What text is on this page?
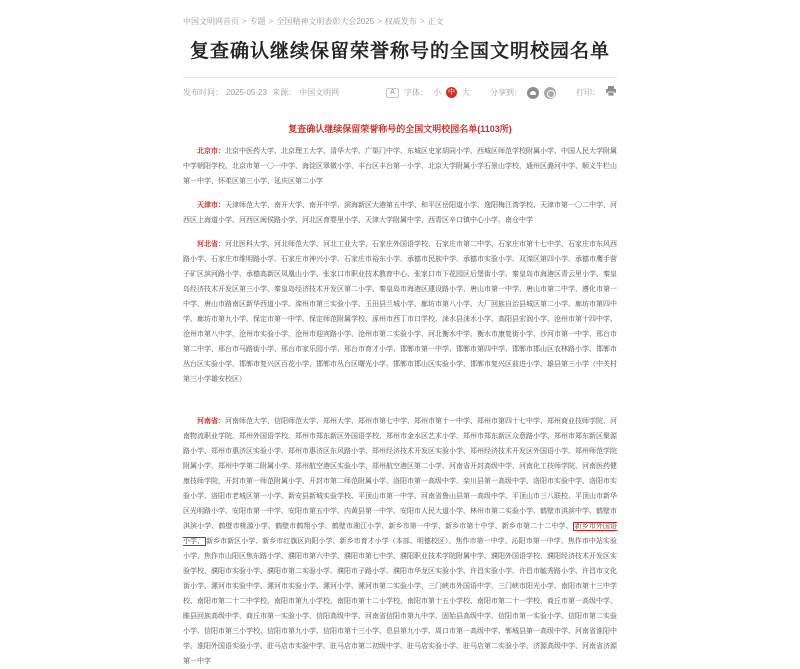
中国文明网首页 > 专题 > 全国精神文明表彰大会2025 > 权威发布 > 正文
复查确认继续保留荣誉称号的全国文明校园名单
发布时间： 2025-05-23 来源： 中国文明网	A	字体： 小 中 大	分享到：	打印：
复查确认继续保留荣誉称号的全国文明校园名单(1103所)

北京市：北京中医药大学、北京理工大学、清华大学、广渠门中学、东城区史家胡同小学、西城区师范学校附属小学、中国人民大学附属中学朝阳学校、北京市第一〇一中学、海淀区翠微小学、丰台区丰台第一小学、北京大学附属小学石景山学校、通州区潞河中学、顺义牛栏山第一中学、怀柔区第三小学、延庆区第二小学

天津市：天津师范大学、南开大学、南开中学、滨海新区大港第五中学、和平区岳阳道小学、逸阳梅江湾学校、天津市第一〇二中学、河西区上海道小学、河西区闽侯路小学、河北区育婴里小学、天津大学附属中学、西青区辛口镇中心小学、南仓中学

河北省：河北医科大学、河北师范大学、河北工业大学、石家庄外国语学校、石家庄市第二中学、石家庄市第十七中学、石家庄市东风西路小学、石家庄市维明路小学、石家庄市神兴小学、石家庄市裕东小学、承德市民族中学、承德市实验小学、双滦区第四小学、承德市鹰手营子矿区滨河路小学、承德高新区凤凰山小学、张家口市职业技术教育中心、张家口市下花园区后堡街小学、秦皇岛市海港区青云里小学、秦皇岛经济技术开发区第三小学、秦皇岛经济技术开发区第二小学、秦皇岛市海港区建设路小学、唐山市第一中学、唐山市第二中学、遵化市第一中学、唐山市路南区新华西道小学、滦州市第三实验小学、玉田县兰城小学、廊坊市第八小学、大厂回族自治县城区第二小学、廊坊市第四中学、廊坊市第九小学、保定市第一中学、保定师范附属学校、涿州市西丁市口学校、涞水县涞水小学、高阳县宏润小学、沧州市第十四中学、沧州市第八中学、沧州市实验小学、沧州市迎宾路小学、沧州市第二实验小学、河北衡水中学、衡水市康复街小学、沙河市第一中学、邢台市第二中学、邢台市马路街小学、邢台市家乐园小学、邢台市育才小学、邯郸市第一中学、邯郸市第四中学、邯郸市邯山区农林路小学、邯郸市丛台区实验小学、邯郸市复兴区百花小学、邯郸市丛台区曙光小学、邯郸市邯山区实验小学、邯郸市复兴区前进小学、雄县第三小学（中关村第三小学雄安校区）

河南省：河南师范大学、信阳师范大学、郑州大学、郑州市第七中学、郑州市第十一中学、郑州市第四十七中学、郑州商业技师学院、河南物流职业学院、郑州外国语学校、郑州市郑东新区外国语学校、郑州市金水区艺术小学、郑州市郑东新区众意路小学、郑州市郑东新区聚源路小学、郑州市惠济区实验小学、郑州市惠济区东风路小学、郑州经济技术开发区实验小学、郑州经济技术开发区外国语小学、郑州师范学院附属小学、郑州中学第二附属小学、郑州航空港区实验小学、郑州航空港区第二小学、河南省开封高级中学、河南化工技师学院、河南医药健康技师学院、开封市第一师范附属小学、开封市第二师范附属小学、洛阳市第一高级中学、栾川县第一高级中学、洛阳市实验中学、洛阳市实验小学、洛阳市老城区第一小学、新安县新城实验学校、平顶山市第一中学、河南省鲁山县第一高级中学、平顶山市三八联校、平顶山市新华区光明路小学、安阳市第一中学、安阳市第五中学、内黄县第一中学、安阳市人民大道小学、林州市第二实验小学、鹤壁市淇滨中学、鹤壁市淇滨小学、鹤壁市桃源小学、鹤壁市鹤翔小学、鹤壁市湘江小学、新乡市第一中学、新乡市第十中学、新乡市第二十二中学、 新乡市外国语小学、 新乡市新区小学、新乡市红旗区向阳小学、新乡市育才小学（本部、明德校区）、焦作市第一中学、沁阳市第一中学、焦作市中站实验小学、焦作市山阳区焦东路小学、濮阳市第六中学、濮阳市第七中学、濮阳职业技术学院附属中学、濮阳外国语学校、濮阳经济技术开发区实验学校、濮阳市实验小学、濮阳市第二实验小学、濮阳市子路小学、濮阳市华龙区实验小学、许昌实验小学、许昌市毓秀路小学、许昌市文化街小学、漯河市实验中学、漯河市实验小学、漯河小学、漯河市第二实验小学、三门峡市外国语中学、三门峡市阳光小学、南阳市第十三中学校、南阳市第二十二中学校、南阳市第九小学校、南阳市第十二小学校、南阳市第十五小学校、南阳市第二十一学校、商丘市第一高级中学、睢县回族高级中学、商丘市第一实验小学、信阳高级中学、河南省信阳市第九中学、固始县高级中学、信阳市第一实验小学、信阳市第二实验小学、信阳市第三小学校、信阳市第九小学、信阳市第十三小学、息县第九小学、周口市第一高级中学、郸城县第一高级中学、河南省淮阳中学、淮阳外国语实验小学、驻马店市实验中学、驻马店市第二初级中学、驻马店实验小学、驻马店第二实验小学、济源高级中学、河南省济源第一中学
